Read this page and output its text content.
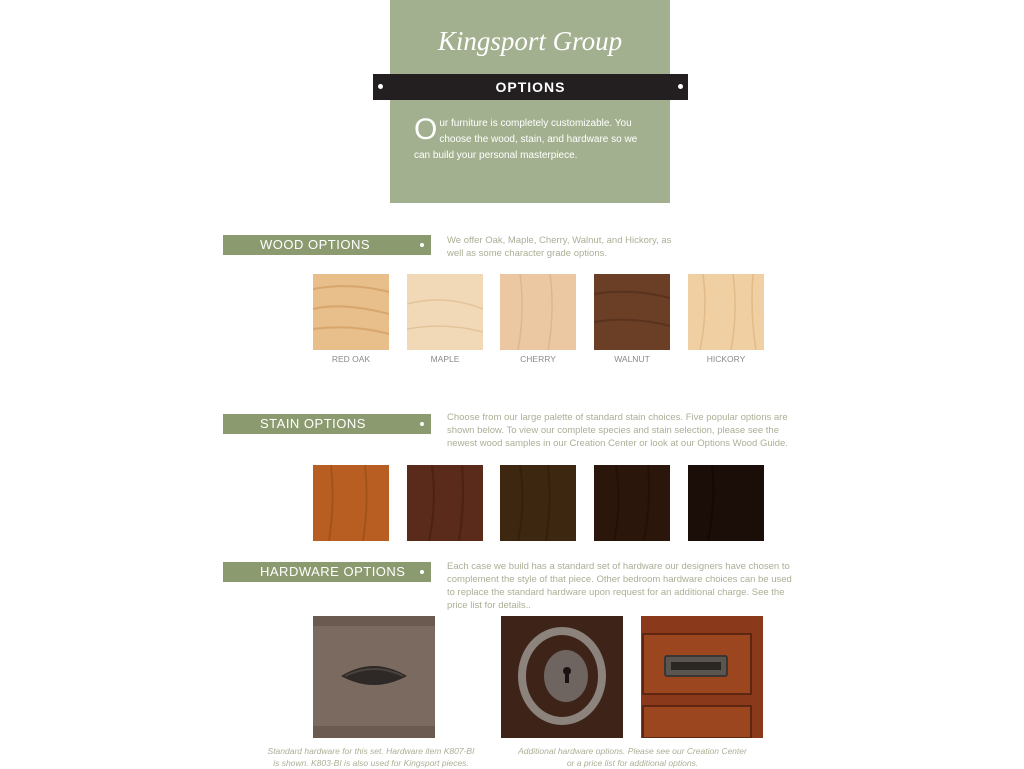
Kingsport Group
OPTIONS
Our furniture is completely customizable. You choose the wood, stain, and hardware so we can build your personal masterpiece.
WOOD OPTIONS	We offer Oak, Maple, Cherry, Walnut, and Hickory, as well as some character grade options.
RED OAK	MAPLE	CHERRY	WALNUT	HICKORY
STAIN OPTIONS	Choose from our large palette of standard stain choices. Five popular options are shown below. To view our complete species and stain selection, please see the newest wood samples in our Creation Center or look at our Options Wood Guide.
HARDWARE OPTIONS	Each case we build has a standard set of hardware our designers have chosen to complement the style of that piece. Other bedroom hardware choices can be used to replace the standard hardware upon request for an additional charge. See the price list for details..
Standard hardware for this set. Hardware item K807-BI
is shown. K803-BI is also used for Kingsport pieces.
Additional hardware options. Please see our Creation Center
or a price list for additional options.
